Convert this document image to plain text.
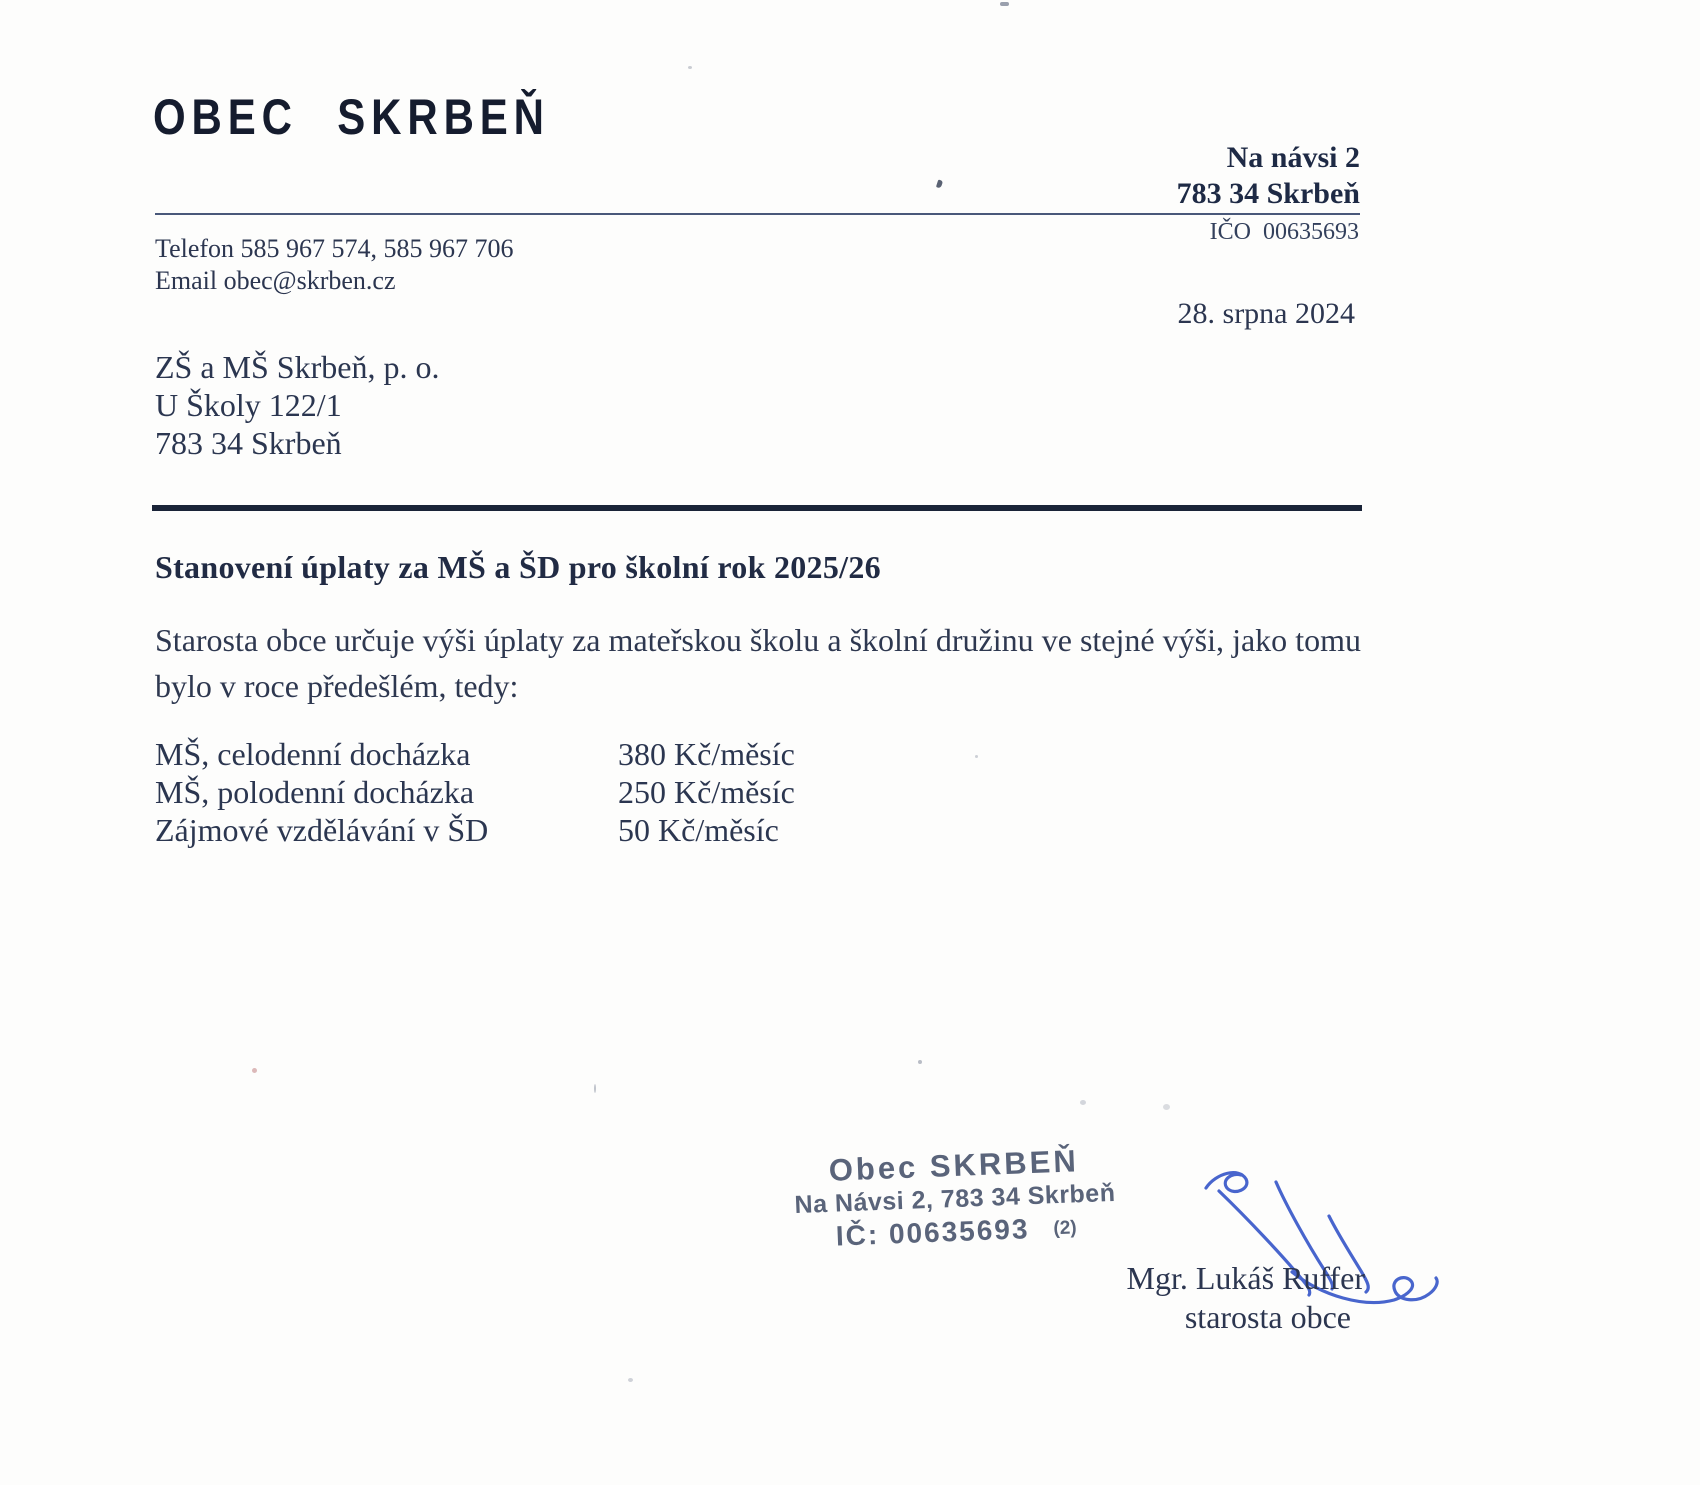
OBEC SKRBEŇ
Na návsi 2
783 34 Skrbeň
IČO  00635693
Telefon 585 967 574, 585 967 706
Email obec@skrben.cz
28. srpna 2024
ZŠ a MŠ Skrbeň, p. o.
U Školy 122/1
783 34 Skrbeň
Stanovení úplaty za MŠ a ŠD pro školní rok 2025/26
Starosta obce určuje výši úplaty za mateřskou školu a školní družinu ve stejné výši, jako tomu
bylo v roce předešlém, tedy:
MŠ, celodenní docházka	380 Kč/měsíc
MŠ, polodenní docházka	250 Kč/měsíc
Zájmové vzdělávání v ŠD	50 Kč/měsíc
Obec SKRBEŇ
Na Návsi 2, 783 34 Skrbeň
IČ: 00635693 (2)
Mgr. Lukáš Ruffer
starosta obce
